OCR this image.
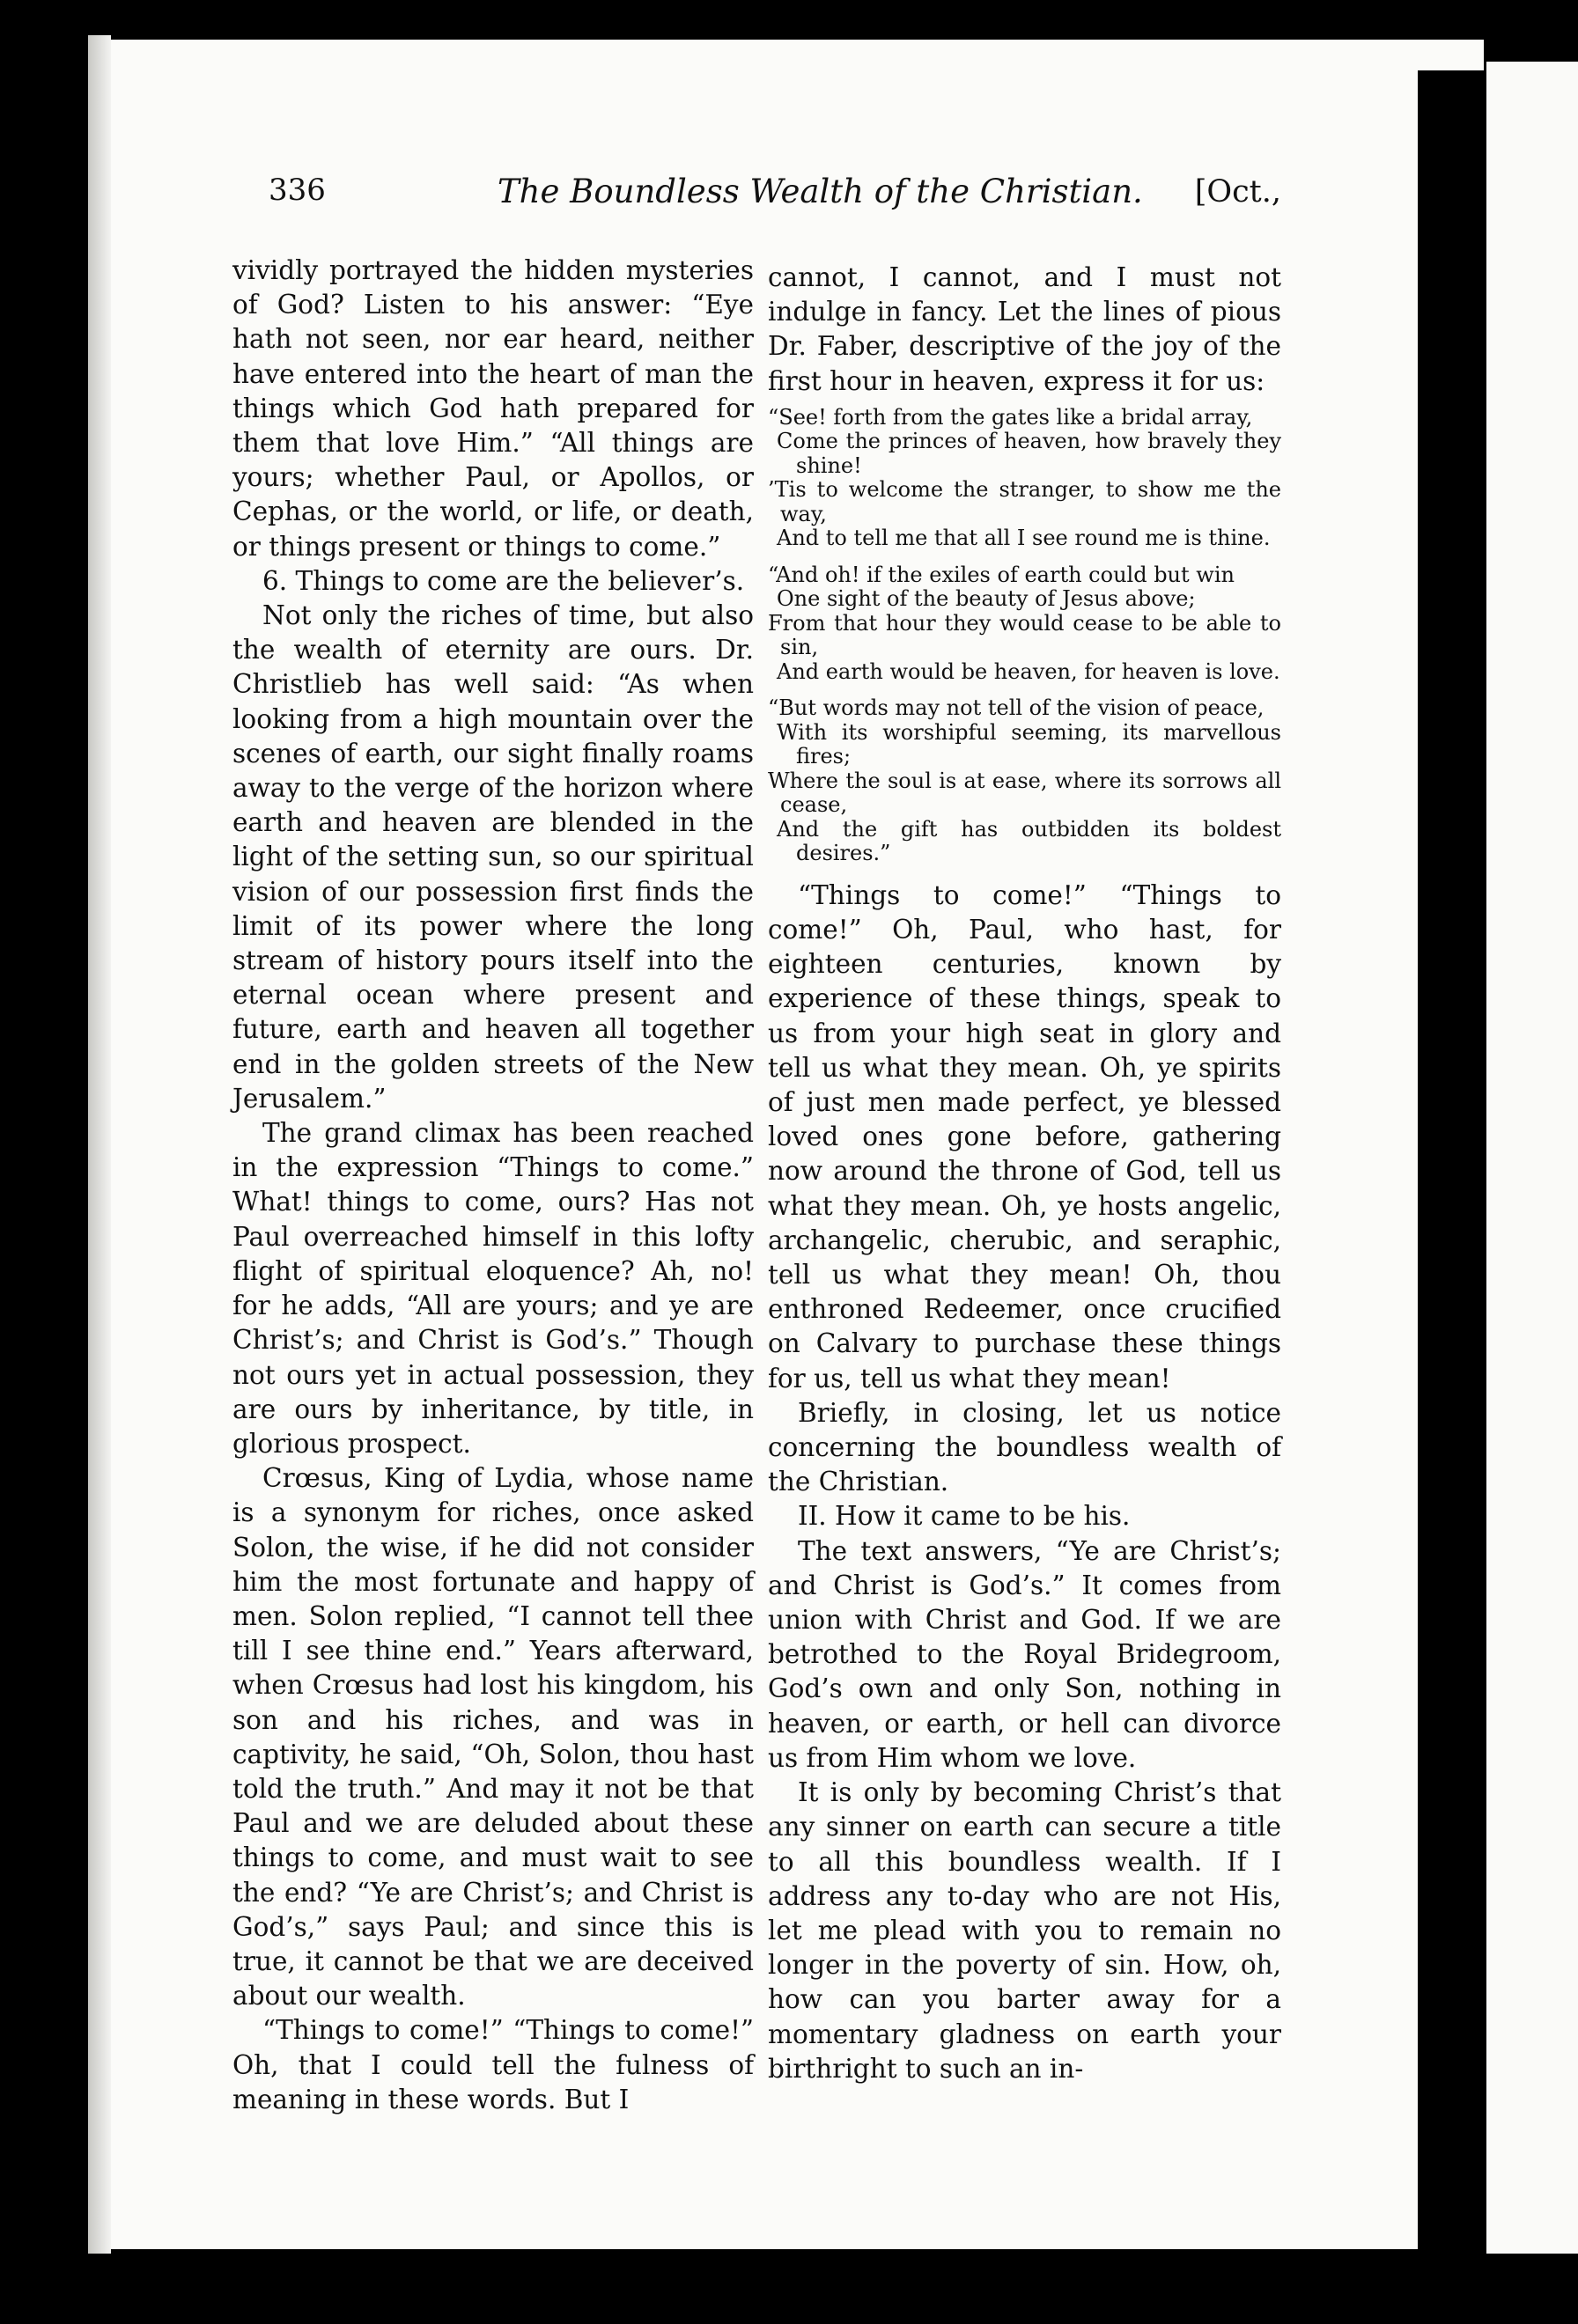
336	The Boundless Wealth of the Christian. [Oct.,

vividly portrayed the hidden mysteries of God? Listen to his answer: “Eye hath not seen, nor ear heard, neither have entered into the heart of man the things which God hath prepared for them that love Him.” “All things are yours; whether Paul, or Apollos, or Cephas, or the world, or life, or death, or things present or things to come.”

6. Things to come are the believer’s.

Not only the riches of time, but also the wealth of eternity are ours. Dr. Christlieb has well said: “As when looking from a high mountain over the scenes of earth, our sight finally roams away to the verge of the horizon where earth and heaven are blended in the light of the setting sun, so our spiritual vision of our possession first finds the limit of its power where the long stream of history pours itself into the eternal ocean where present and future, earth and heaven all together end in the golden streets of the New Jerusalem.”

The grand climax has been reached in the expression “Things to come.” What! things to come, ours? Has not Paul overreached himself in this lofty flight of spiritual eloquence? Ah, no! for he adds, “All are yours; and ye are Christ’s; and Christ is God’s.” Though not ours yet in actual possession, they are ours by inheritance, by title, in glorious prospect.

Crœsus, King of Lydia, whose name is a synonym for riches, once asked Solon, the wise, if he did not consider him the most fortunate and happy of men. Solon replied, “I cannot tell thee till I see thine end.” Years afterward, when Crœsus had lost his kingdom, his son and his riches, and was in captivity, he said, “Oh, Solon, thou hast told the truth.” And may it not be that Paul and we are deluded about these things to come, and must wait to see the end? “Ye are Christ’s; and Christ is God’s,” says Paul; and since this is true, it cannot be that we are deceived about our wealth.

“Things to come!” “Things to come!” Oh, that I could tell the fulness of meaning in these words. But I

cannot, I cannot, and I must not indulge in fancy. Let the lines of pious Dr. Faber, descriptive of the joy of the first hour in heaven, express it for us:

“See! forth from the gates like a bridal array,
Come the princes of heaven, how bravely they shine!
’Tis to welcome the stranger, to show me the way,
And to tell me that all I see round me is thine.
“And oh! if the exiles of earth could but win
One sight of the beauty of Jesus above;
From that hour they would cease to be able to sin,
And earth would be heaven, for heaven is love.
“But words may not tell of the vision of peace,
With its worshipful seeming, its marvellous fires;
Where the soul is at ease, where its sorrows all cease,
And the gift has outbidden its boldest desires.”

“Things to come!” “Things to come!” Oh, Paul, who hast, for eighteen centuries, known by experience of these things, speak to us from your high seat in glory and tell us what they mean. Oh, ye spirits of just men made perfect, ye blessed loved ones gone before, gathering now around the throne of God, tell us what they mean. Oh, ye hosts angelic, archangelic, cherubic, and seraphic, tell us what they mean! Oh, thou enthroned Redeemer, once crucified on Calvary to purchase these things for us, tell us what they mean!

Briefly, in closing, let us notice concerning the boundless wealth of the Christian.

II. How it came to be his.

The text answers, “Ye are Christ’s; and Christ is God’s.” It comes from union with Christ and God. If we are betrothed to the Royal Bridegroom, God’s own and only Son, nothing in heaven, or earth, or hell can divorce us from Him whom we love.

It is only by becoming Christ’s that any sinner on earth can secure a title to all this boundless wealth. If I address any to-day who are not His, let me plead with you to remain no longer in the poverty of sin. How, oh, how can you barter away for a momentary gladness on earth your birthright to such an in-
